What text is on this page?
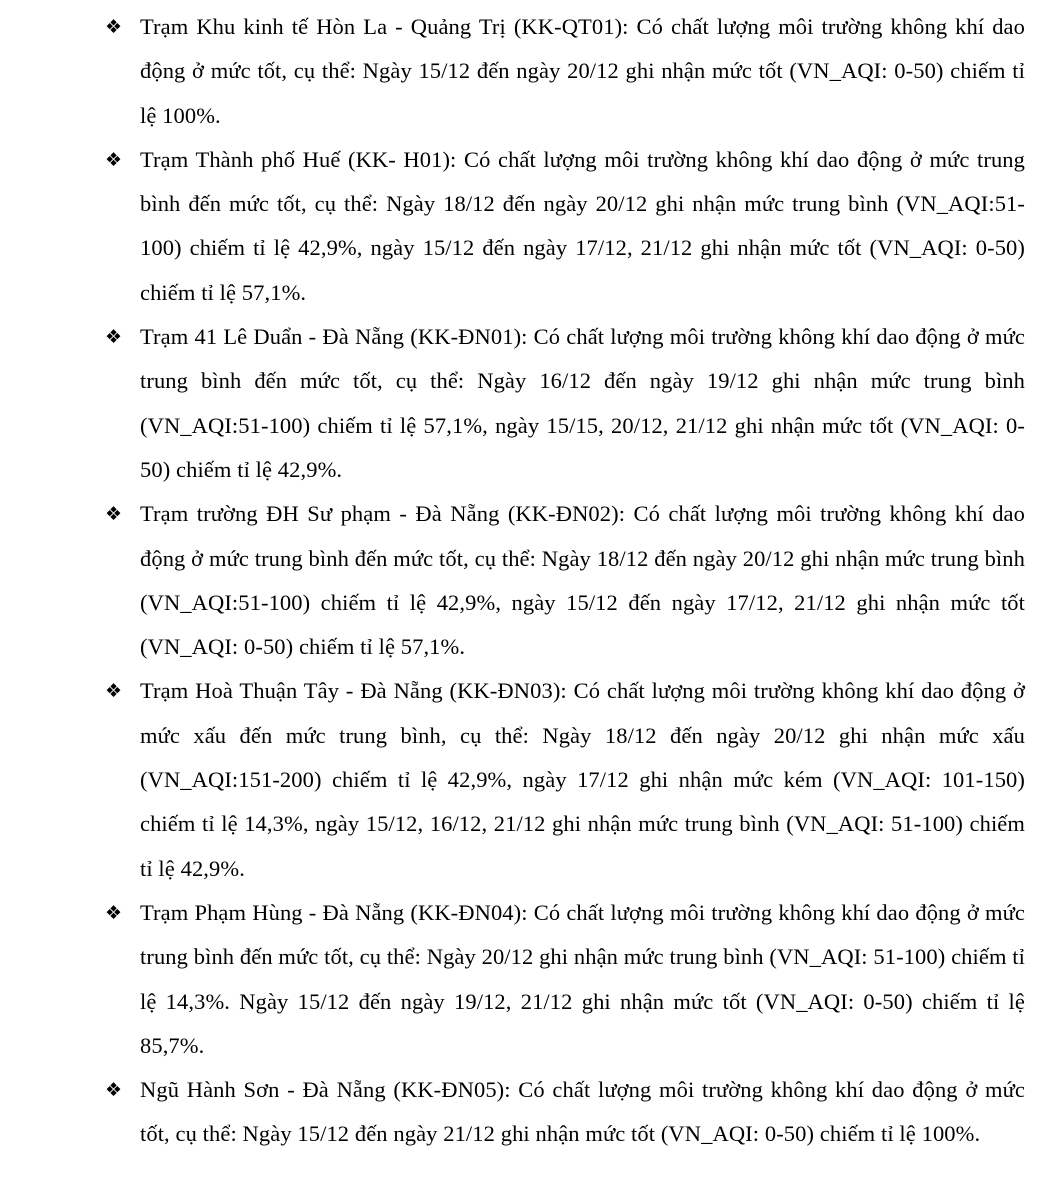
❖ Trạm Khu kinh tế Hòn La - Quảng Trị (KK-QT01): Có chất lượng môi trường không khí dao động ở mức tốt, cụ thể: Ngày 15/12 đến ngày 20/12 ghi nhận mức tốt (VN_AQI: 0-50) chiếm tỉ lệ 100%.
❖ Trạm Thành phố Huế (KK- H01): Có chất lượng môi trường không khí dao động ở mức trung bình đến mức tốt, cụ thể: Ngày 18/12 đến ngày 20/12 ghi nhận mức trung bình (VN_AQI:51-100) chiếm tỉ lệ 42,9%, ngày 15/12 đến ngày 17/12, 21/12 ghi nhận mức tốt (VN_AQI: 0-50) chiếm tỉ lệ 57,1%.
❖ Trạm 41 Lê Duẩn - Đà Nẵng (KK-ĐN01): Có chất lượng môi trường không khí dao động ở mức trung bình đến mức tốt, cụ thể: Ngày 16/12 đến ngày 19/12 ghi nhận mức trung bình (VN_AQI:51-100) chiếm tỉ lệ 57,1%, ngày 15/15, 20/12, 21/12 ghi nhận mức tốt (VN_AQI: 0-50) chiếm tỉ lệ 42,9%.
❖ Trạm trường ĐH Sư phạm - Đà Nẵng (KK-ĐN02): Có chất lượng môi trường không khí dao động ở mức trung bình đến mức tốt, cụ thể: Ngày 18/12 đến ngày 20/12 ghi nhận mức trung bình (VN_AQI:51-100) chiếm tỉ lệ 42,9%, ngày 15/12 đến ngày 17/12, 21/12 ghi nhận mức tốt (VN_AQI: 0-50) chiếm tỉ lệ 57,1%.
❖ Trạm Hoà Thuận Tây - Đà Nẵng (KK-ĐN03): Có chất lượng môi trường không khí dao động ở mức xấu đến mức trung bình, cụ thể: Ngày 18/12 đến ngày 20/12 ghi nhận mức xấu (VN_AQI:151-200) chiếm tỉ lệ 42,9%, ngày 17/12 ghi nhận mức kém (VN_AQI: 101-150) chiếm tỉ lệ 14,3%, ngày 15/12, 16/12, 21/12 ghi nhận mức trung bình (VN_AQI: 51-100) chiếm tỉ lệ 42,9%.
❖ Trạm Phạm Hùng - Đà Nẵng (KK-ĐN04): Có chất lượng môi trường không khí dao động ở mức trung bình đến mức tốt, cụ thể: Ngày 20/12 ghi nhận mức trung bình (VN_AQI: 51-100) chiếm tỉ lệ 14,3%. Ngày 15/12 đến ngày 19/12, 21/12 ghi nhận mức tốt (VN_AQI: 0-50) chiếm tỉ lệ 85,7%.
❖ Ngũ Hành Sơn - Đà Nẵng (KK-ĐN05): Có chất lượng môi trường không khí dao động ở mức tốt, cụ thể: Ngày 15/12 đến ngày 21/12 ghi nhận mức tốt (VN_AQI: 0-50) chiếm tỉ lệ 100%.
